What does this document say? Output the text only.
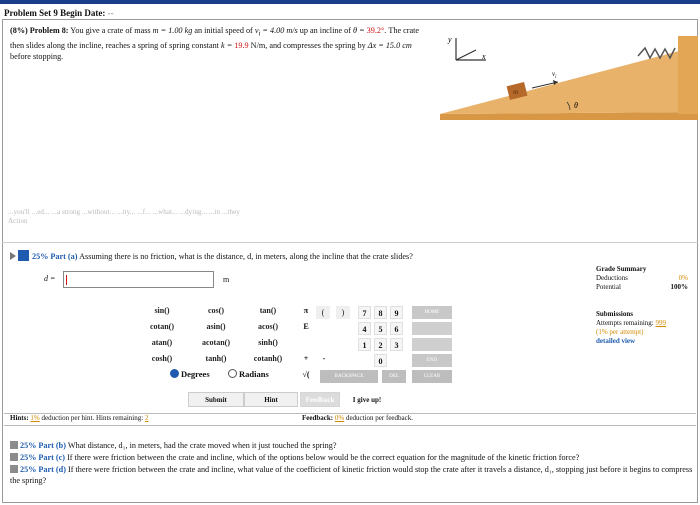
Problem Set 9 Begin Date: --
(8%) Problem 8: You give a crate of mass m = 1.00 kg an initial speed of $v_i = 4.00$ m/s up an incline of θ = 39.2°. The crate then slides along the incline, reaches a spring of spring constant k = 19.9 N/m, and compresses the spring by Δx = 15.0 cm before stopping.
y
x
m
$v_i$
θ
...you'll ...ed... ...a strong ...without... ...ity... ...f... ...what... ...dying... ...in ...they
Action
25% Part (a) Assuming there is no friction, what is the distance, d, in meters, along the incline that the crate slides?
d =	m
sin()	cos()	tan()
cotan()	asin()	acos()
atan()	acotan()	sinh()
cosh()	tanh()	cotanh()
π
E
+	-
√(
(	)	7	8	9
4	5	6
1	2	3
0
HOME
END
BACKSPACE	DEL	CLEAR
Degrees	Radians
Submit	Hint	Feedback	I give up!
Hints: 1% deduction per hint. Hints remaining: 2	Feedback: 0% deduction per feedback.
Grade Summary
Deductions	0%
Potential	100%
Submissions
Attempts remaining: 999
(1% per attempt)
detailed view

25% Part (b) What distance, d₁, in meters, had the crate moved when it just touched the spring?

25% Part (c) If there were friction between the crate and incline, which of the options below would be the correct equation for the magnitude of the kinetic friction force?

25% Part (d) If there were friction between the crate and incline, what value of the coefficient of kinetic friction would stop the crate after it travels a distance, d₁, stopping just before it begins to compress the spring?
